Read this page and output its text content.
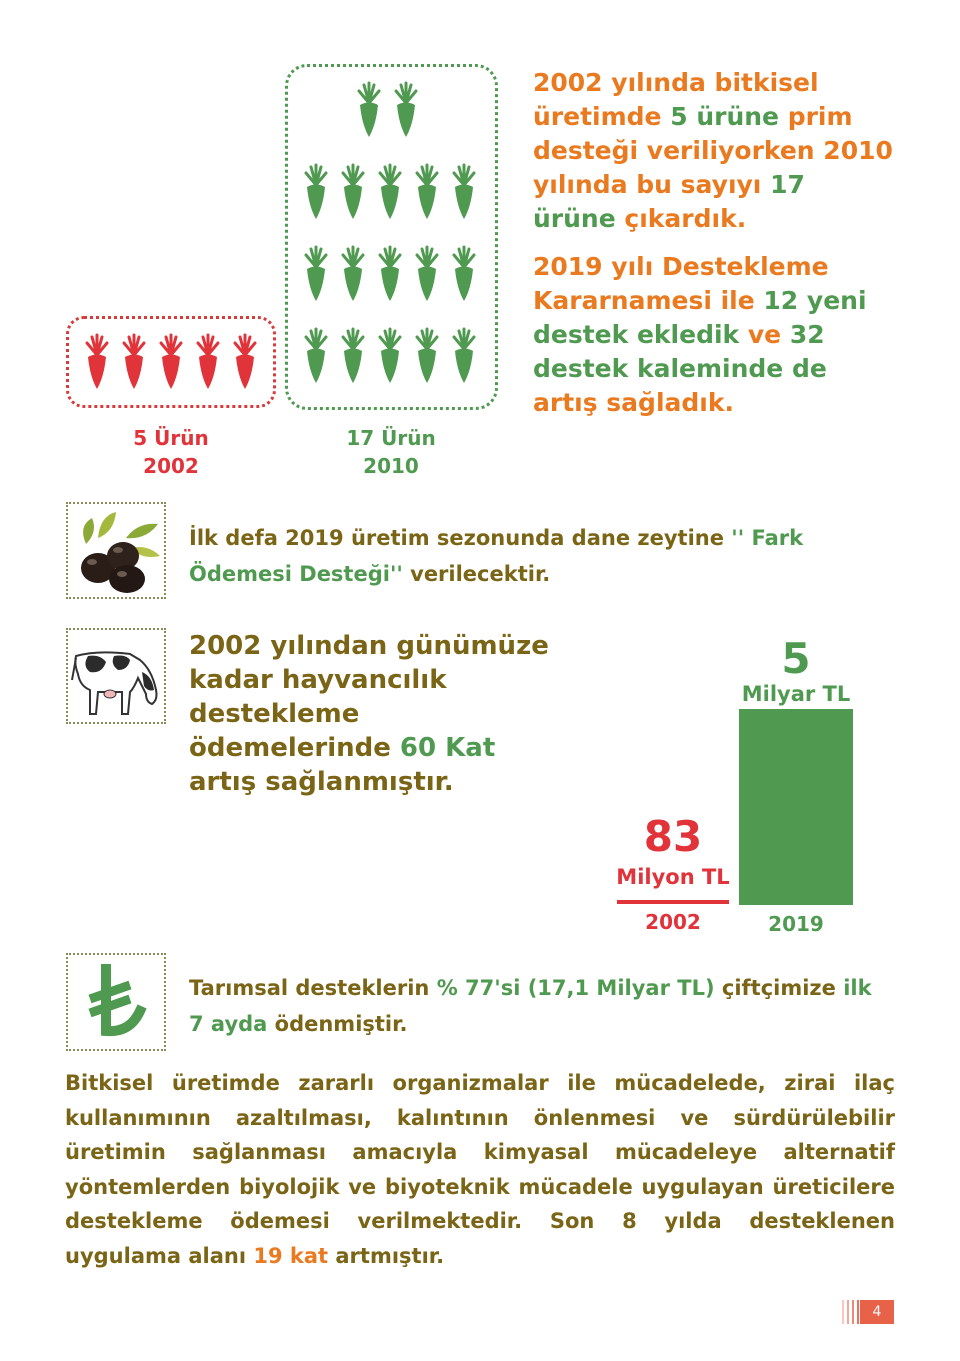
5 Ürün
2002
17 Ürün
2010

2002 yılında bitkisel üretimde 5 ürüne prim desteği veriliyorken 2010 yılında bu sayıyı 17 ürüne çıkardık.

2019 yılı Destekleme Kararnamesi ile 12 yeni destek ekledik ve 32 destek kaleminde de artış sağladık.

İlk defa 2019 üretim sezonunda dane zeytine '' Fark Ödemesi Desteği'' verilecektir.
2002 yılından günümüze kadar hayvancılık destekleme ödemelerinde 60 Kat artış sağlanmıştır.
83
Milyon TL
2002
5
Milyar TL
2019
Tarımsal desteklerin % 77'si (17,1 Milyar TL) çiftçimize ilk 7 ayda ödenmiştir.
Bitkisel üretimde zararlı organizmalar ile mücadelede, zirai ilaç kullanımının azaltılması, kalıntının önlenmesi ve sürdürülebilir üretimin sağlanması amacıyla kimyasal mücadeleye alternatif yöntemlerden biyolojik ve biyoteknik mücadele uygulayan üreticilere destekleme ödemesi verilmektedir. Son 8 yılda desteklenen uygulama alanı 19 kat artmıştır.
4
